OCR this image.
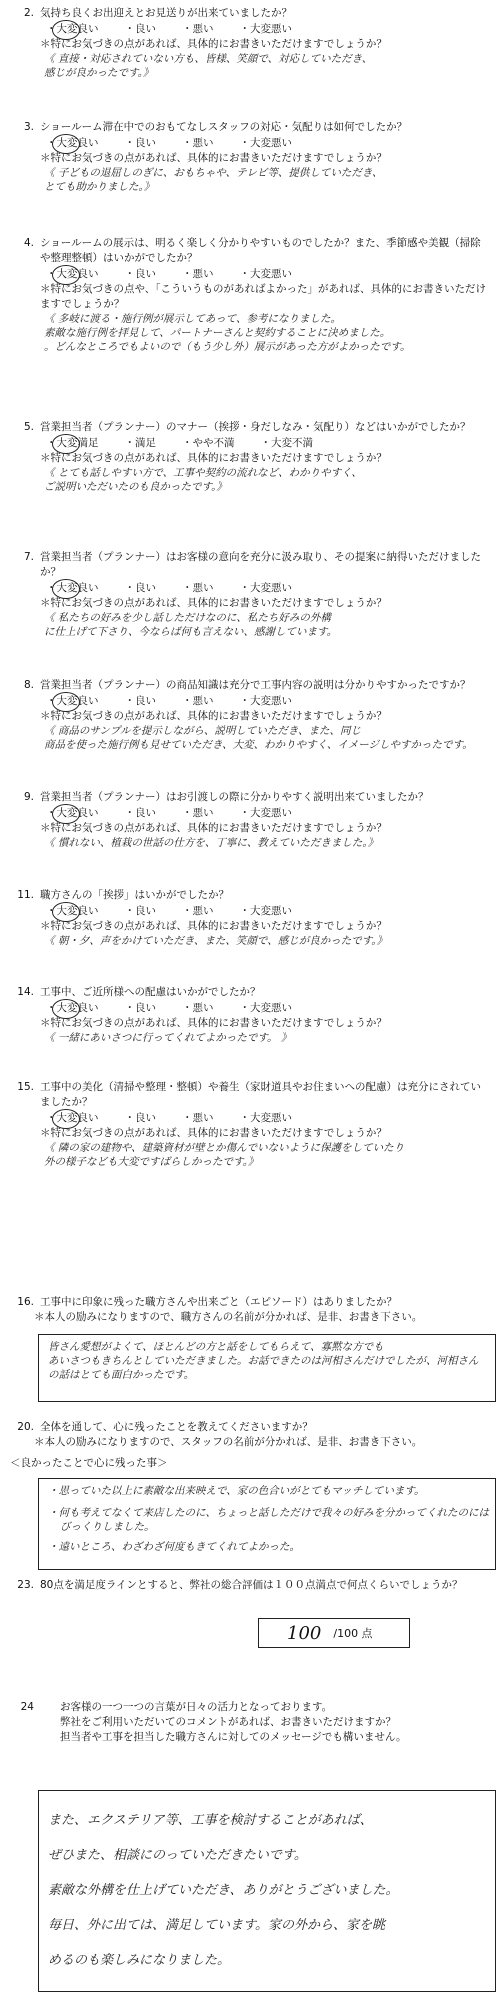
2. 気持ち良くお出迎えとお見送りが出来ていましたか？
・大変良い ・良い ・悪い ・大変悪い
＊特にお気づきの点があれば、具体的にお書きいただけますでしょうか？
《 直接・対応されていない方も、皆様、笑顔で、対応していただき、
感じが良かったです。》
3. ショールーム滞在中でのおもてなしスタッフの対応・気配りは如何でしたか？
・大変良い ・良い ・悪い ・大変悪い
＊特にお気づきの点があれば、具体的にお書きいただけますでしょうか？
《 子どもの退屈しのぎに、おもちゃや、テレビ等、提供していただき、
とても助かりました。》
4. ショールームの展示は、明るく楽しく分かりやすいものでしたか？また、季節感や美観（掃除や整理整頓）はいかがでしたか？
・大変良い ・良い ・悪い ・大変悪い
＊特にお気づきの点や、「こういうものがあればよかった」があれば、具体的にお書きいただけますでしょうか？
《 多岐に渡る・施行例が展示してあって、参考になりました。
素敵な施行例を拝見して、パートナーさんと契約することに決めました。
。どんなところでもよいので（もう少し外）展示があった方がよかったです。
5. 営業担当者（プランナー）のマナー（挨拶・身だしなみ・気配り）などはいかがでしたか？
・大変満足 ・満足 ・やや不満 ・大変不満
＊特にお気づきの点があれば、具体的にお書きいただけますでしょうか？
《 とても話しやすい方で、工事や契約の流れなど、わかりやすく、
ご説明いただいたのも良かったです。》
7. 営業担当者（プランナー）はお客様の意向を充分に汲み取り、その提案に納得いただけましたか？
・大変良い ・良い ・悪い ・大変悪い
＊特にお気づきの点があれば、具体的にお書きいただけますでしょうか？
《 私たちの好みを少し話しただけなのに、私たち好みの外構
に仕上げて下さり、今ならば何も言えない、感謝しています。
8. 営業担当者（プランナー）の商品知識は充分で工事内容の説明は分かりやすかったですか？
・大変良い ・良い ・悪い ・大変悪い
＊特にお気づきの点があれば、具体的にお書きいただけますでしょうか？
《 商品のサンプルを提示しながら、説明していただき、また、同じ
商品を使った施行例も見せていただき、大変、わかりやすく、イメージしやすかったです。
9. 営業担当者（プランナー）はお引渡しの際に分かりやすく説明出来ていましたか？
・大変良い ・良い ・悪い ・大変悪い
＊特にお気づきの点があれば、具体的にお書きいただけますでしょうか？
《 慣れない、植栽の世話の仕方を、丁寧に、教えていただきました。》
11. 職方さんの「挨拶」はいかがでしたか？
・大変良い ・良い ・悪い ・大変悪い
＊特にお気づきの点があれば、具体的にお書きいただけますでしょうか？
《 朝・夕、声をかけていただき、また、笑顔で、感じが良かったです。》
14. 工事中、ご近所様への配慮はいかがでしたか？
・大変良い ・良い ・悪い ・大変悪い
＊特にお気づきの点があれば、具体的にお書きいただけますでしょうか？
《 一緒にあいさつに行ってくれてよかったです。 》
15. 工事中の美化（清掃や整理・整頓）や養生（家財道具やお住まいへの配慮）は充分にされていましたか？
・大変良い ・良い ・悪い ・大変悪い
＊特にお気づきの点があれば、具体的にお書きいただけますでしょうか？
《 隣の家の建物や、建築資材が壁とか傷んでいないように保護をしていたり
外の様子なども大変ですばらしかったです。》
16. 工事中に印象に残った職方さんや出来ごと（エピソード）はありましたか？
＊本人の励みになりますので、職方さんの名前が分かれば、是非、お書き下さい。
皆さん愛想がよくて、ほとんどの方と話をしてもらえて、寡黙な方でも
あいさつもきちんとしていただきました。お話できたのは河相さんだけでしたが、河相さん
の話はとても面白かったです。
20. 全体を通して、心に残ったことを教えてくださいますか？
＊本人の励みになりますので、スタッフの名前が分かれば、是非、お書き下さい。
＜良かったことで心に残った事＞
・思っていた以上に素敵な出来映えで、家の色合いがとてもマッチしています。
・何も考えてなくて来店したのに、ちょっと話しただけで我々の好みを分かってくれたのには
びっくりしました。
・遠いところ、わざわざ何度もきてくれてよかった。
23. 80点を満足度ラインとすると、弊社の総合評価は１００点満点で何点くらいでしょうか？
100 /100 点
24	お客様の一つ一つの言葉が日々の活力となっております。
弊社をご利用いただいてのコメントがあれば、お書きいただけますか？
担当者や工事を担当した職方さんに対してのメッセージでも構いません。
また、エクステリア等、工事を検討することがあれば、
ぜひまた、相談にのっていただきたいです。
素敵な外構を仕上げていただき、ありがとうございました。
毎日、外に出ては、満足しています。家の外から、家を眺
めるのも楽しみになりました。
